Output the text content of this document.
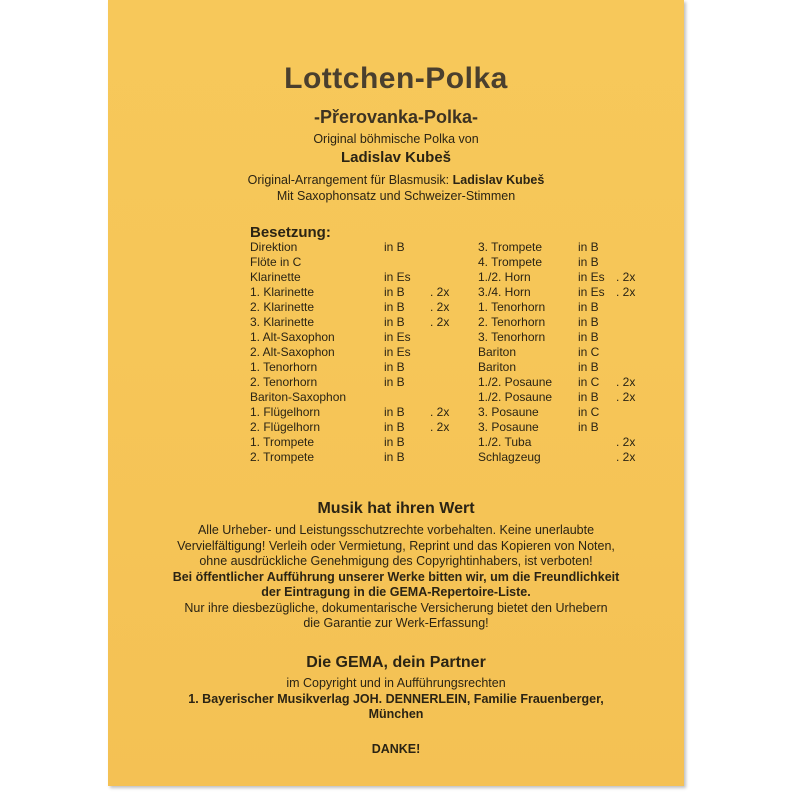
Lottchen-Polka
-Přerovanka-Polka-
Original böhmische Polka von
Ladislav Kubeš
Original-Arrangement für Blasmusik: Ladislav Kubeš
Mit Saxophonsatz und Schweizer-Stimmen
Besetzung:
Direktion	in B
Flöte in C
Klarinette	in Es
1. Klarinette	in B . 2x
2. Klarinette	in B . 2x
3. Klarinette	in B . 2x
1. Alt-Saxophon	in Es
2. Alt-Saxophon	in Es
1. Tenorhorn	in B
2. Tenorhorn	in B
Bariton-Saxophon
1. Flügelhorn	in B . 2x
2. Flügelhorn	in B . 2x
1. Trompete	in B
2. Trompete	in B
3. Trompete	in B
4. Trompete	in B
1./2. Horn	in Es . 2x
3./4. Horn	in Es . 2x
1. Tenorhorn	in B
2. Tenorhorn	in B
3. Tenorhorn	in B
Bariton	in C
Bariton	in B
1./2. Posaune in C . 2x
1./2. Posaune in B . 2x
3. Posaune	in C
3. Posaune	in B
1./2. Tuba	. 2x
Schlagzeug	. 2x
Musik hat ihren Wert
Alle Urheber- und Leistungsschutzrechte vorbehalten. Keine unerlaubte
Vervielfältigung! Verleih oder Vermietung, Reprint und das Kopieren von Noten,
ohne ausdrückliche Genehmigung des Copyrightinhabers, ist verboten!
Bei öffentlicher Aufführung unserer Werke bitten wir, um die Freundlichkeit
der Eintragung in die GEMA-Repertoire-Liste.
Nur ihre diesbezügliche, dokumentarische Versicherung bietet den Urhebern
die Garantie zur Werk-Erfassung!
Die GEMA, dein Partner
im Copyright und in Aufführungsrechten
1. Bayerischer Musikverlag JOH. DENNERLEIN, Familie Frauenberger,
München
DANKE!
